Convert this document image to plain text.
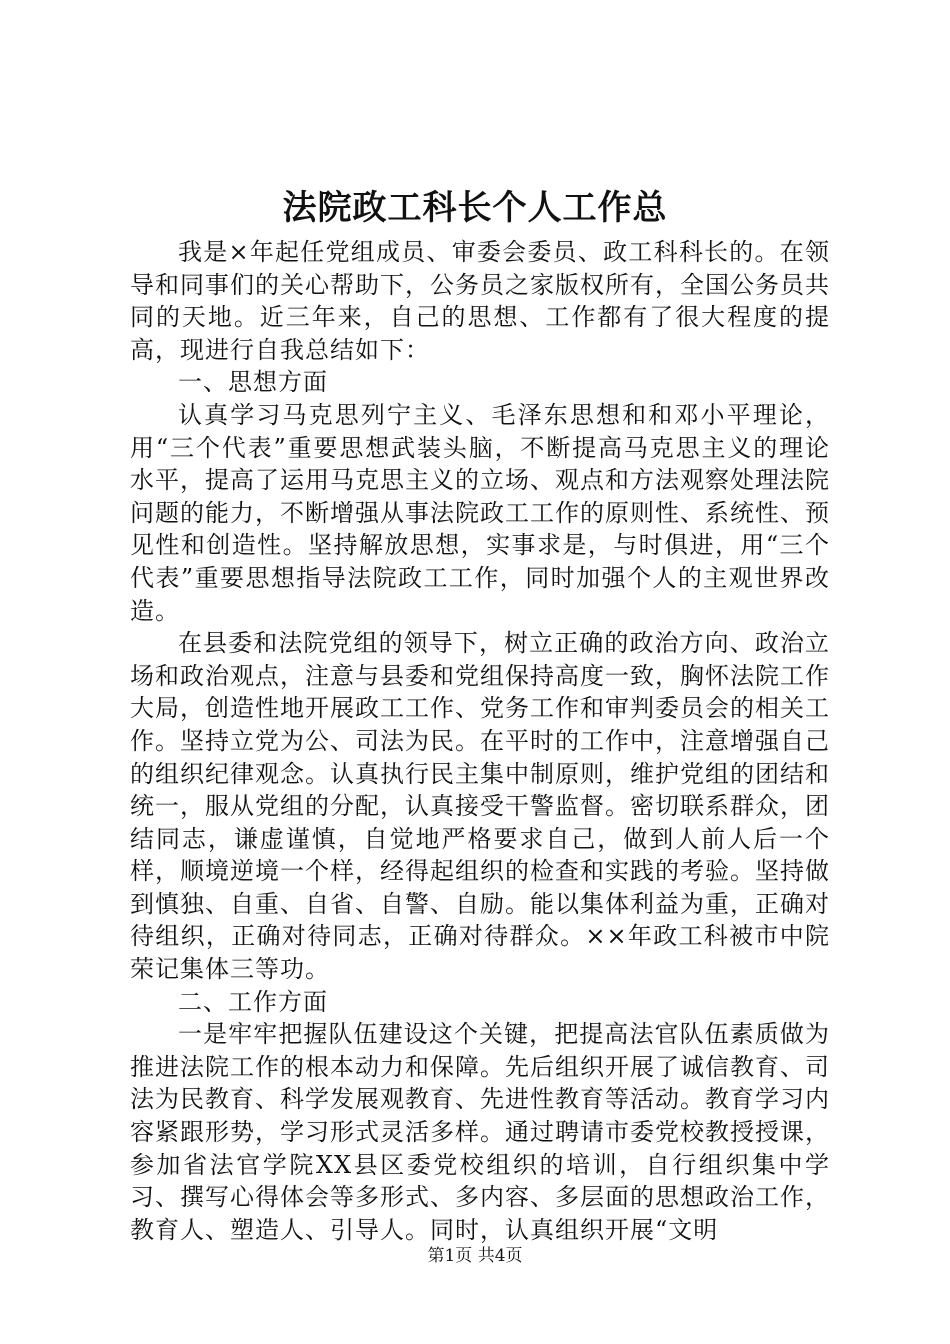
法院政工科长个人工作总

我是×年起任党组成员、审委会委员、政工科科长的。在领导和同事们的关心帮助下，公务员之家版权所有，全国公务员共同的天地。近三年来，自己的思想、工作都有了很大程度的提高，现进行自我总结如下：

一、思想方面

认真学习马克思列宁主义、毛泽东思想和和邓小平理论，用“三个代表”重要思想武装头脑，不断提高马克思主义的理论水平，提高了运用马克思主义的立场、观点和方法观察处理法院问题的能力，不断增强从事法院政工工作的原则性、系统性、预见性和创造性。坚持解放思想，实事求是，与时俱进，用“三个代表”重要思想指导法院政工工作，同时加强个人的主观世界改造。

在县委和法院党组的领导下，树立正确的政治方向、政治立场和政治观点，注意与县委和党组保持高度一致，胸怀法院工作大局，创造性地开展政工工作、党务工作和审判委员会的相关工作。坚持立党为公、司法为民。在平时的工作中，注意增强自己的组织纪律观念。认真执行民主集中制原则，维护党组的团结和统一，服从党组的分配，认真接受干警监督。密切联系群众，团结同志，谦虚谨慎，自觉地严格要求自己，做到人前人后一个样，顺境逆境一个样，经得起组织的检查和实践的考验。坚持做到慎独、自重、自省、自警、自励。能以集体利益为重，正确对待组织，正确对待同志，正确对待群众。××年政工科被市中院荣记集体三等功。

二、工作方面

一是牢牢把握队伍建设这个关键，把提高法官队伍素质做为推进法院工作的根本动力和保障。先后组织开展了诚信教育、司法为民教育、科学发展观教育、先进性教育等活动。教育学习内容紧跟形势，学习形式灵活多样。通过聘请市委党校教授授课，参加省法官学院XX县区委党校组织的培训，自行组织集中学习、撰写心得体会等多形式、多内容、多层面的思想政治工作，教育人、塑造人、引导人。同时，认真组织开展“文明

第1页 共4页
